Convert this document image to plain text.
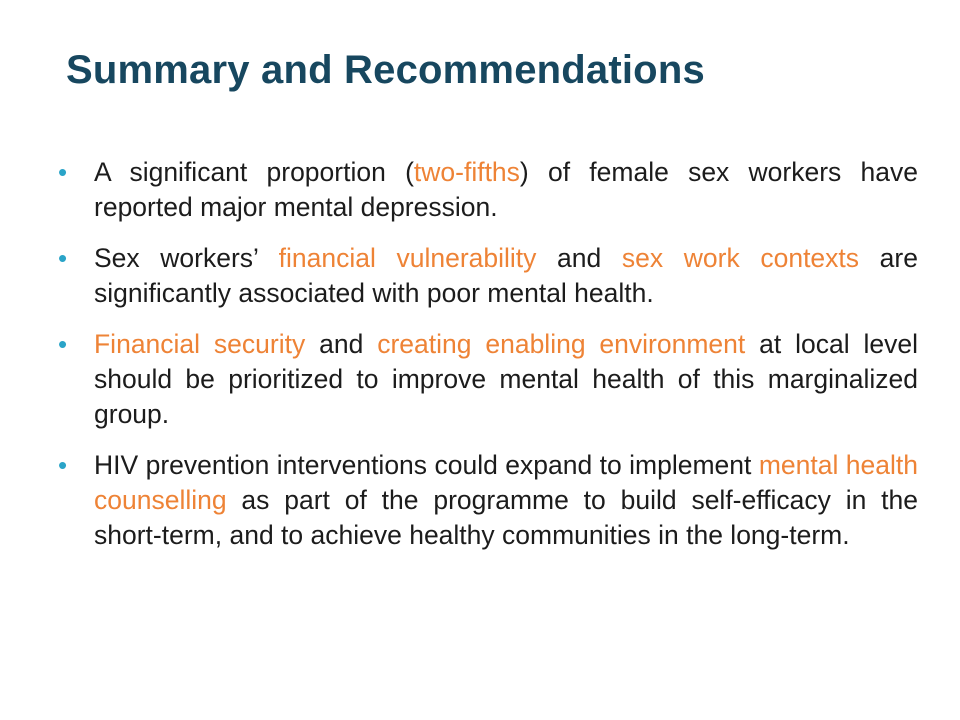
Summary and Recommendations
•	A significant proportion (two-fifths) of female sex workers have reported major mental depression.
•	Sex workers’ financial vulnerability and sex work contexts are significantly associated with poor mental health.
•	Financial security and creating enabling environment at local level should be prioritized to improve mental health of this marginalized group.
•	HIV prevention interventions could expand to implement mental health counselling as part of the programme to build self-efficacy in the short-term, and to achieve healthy communities in the long-term.
